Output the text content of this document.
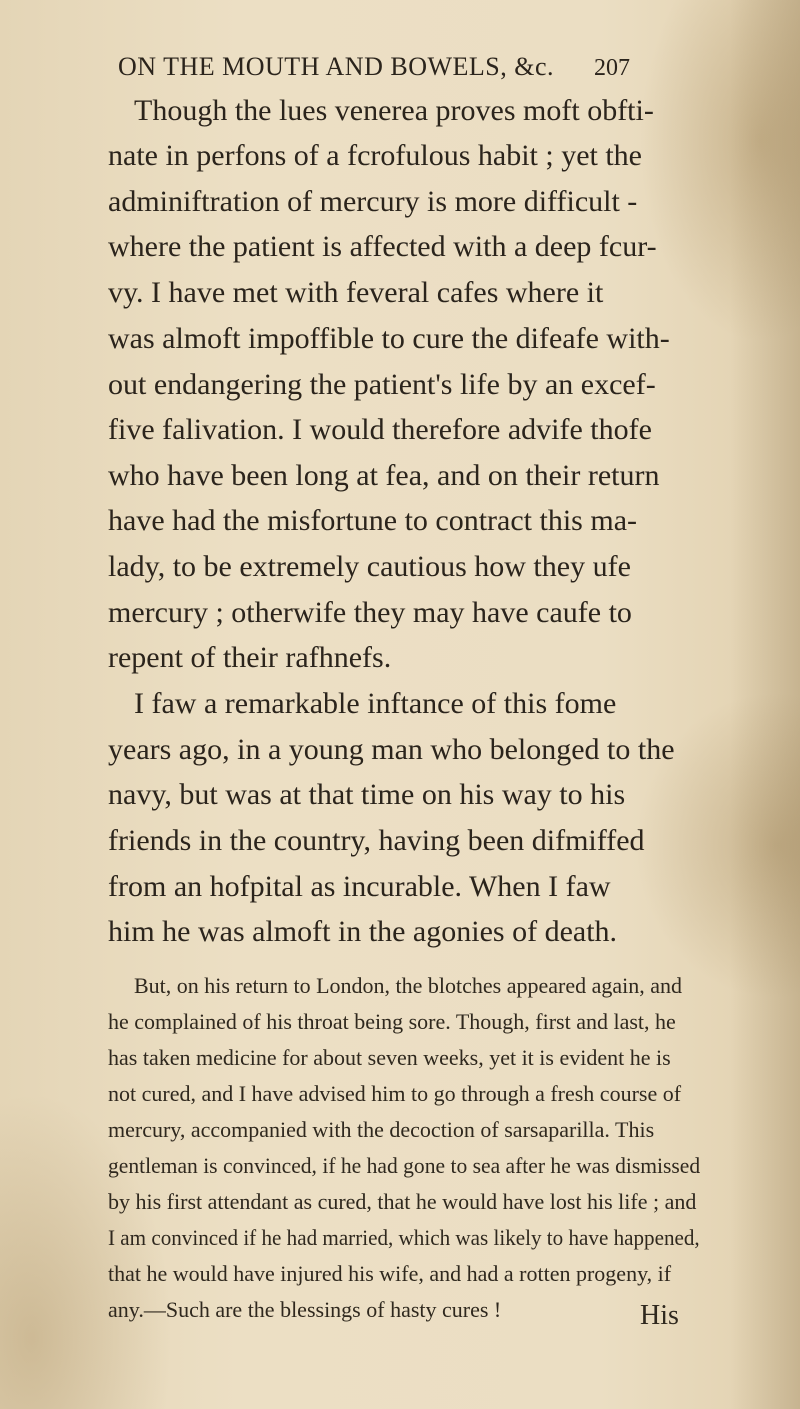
ON THE MOUTH AND BOWELS, &c. 207
Though the lues venerea proves moft obfti-
nate in perfons of a fcrofulous habit ; yet the
adminiftration of mercury is more difficult -
where the patient is affected with a deep fcur-
vy. I have met with feveral cafes where it
was almoft impoffible to cure the difeafe with-
out endangering the patient's life by an excef-
five falivation. I would therefore advife thofe
who have been long at fea, and on their return
have had the misfortune to contract this ma-
lady, to be extremely cautious how they ufe
mercury ; otherwife they may have caufe to
repent of their rafhnefs.
I faw a remarkable inftance of this fome
years ago, in a young man who belonged to the
navy, but was at that time on his way to his
friends in the country, having been difmiffed
from an hofpital as incurable. When I faw
him he was almoft in the agonies of death.
But, on his return to London, the blotches appeared again, and
he complained of his throat being sore. Though, first and last, he
has taken medicine for about seven weeks, yet it is evident he is
not cured, and I have advised him to go through a fresh course of
mercury, accompanied with the decoction of sarsaparilla. This
gentleman is convinced, if he had gone to sea after he was dismissed
by his first attendant as cured, that he would have lost his life ; and
I am convinced if he had married, which was likely to have happened,
that he would have injured his wife, and had a rotten progeny, if
any.—Such are the blessings of hasty cures !	His
